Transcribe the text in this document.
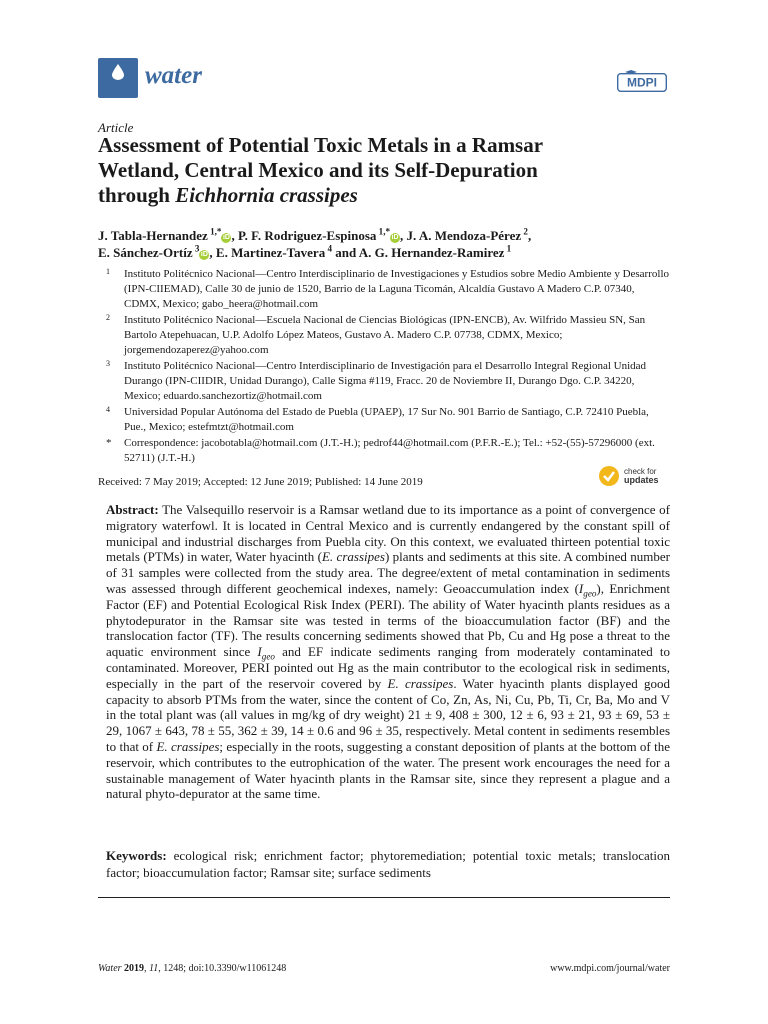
water	MDPI
Article
Assessment of Potential Toxic Metals in a Ramsar
Wetland, Central Mexico and its Self-Depuration
through Eichhornia crassipes
J. Tabla-Hernandez $^{1,*}$iD , P. F. Rodriguez-Espinosa $^{1,*}$iD , J. A. Mendoza-Pérez $^2$,
E. Sánchez-Ortíz $^3$iD , E. Martinez-Tavera $^4$ and A. G. Hernandez-Ramirez $^1$
1 Instituto Politécnico Nacional—Centro Interdisciplinario de Investigaciones y Estudios sobre Medio Ambiente y Desarrollo (IPN-CIIEMAD), Calle 30 de junio de 1520, Barrio de la Laguna Ticomán, Alcaldía Gustavo A Madero C.P. 07340, CDMX, Mexico; gabo_heera@hotmail.com
2 Instituto Politécnico Nacional—Escuela Nacional de Ciencias Biológicas (IPN-ENCB), Av. Wilfrido Massieu SN, San Bartolo Atepehuacan, U.P. Adolfo López Mateos, Gustavo A. Madero C.P. 07738, CDMX, Mexico; jorgemendozaperez@yahoo.com
3 Instituto Politécnico Nacional—Centro Interdisciplinario de Investigación para el Desarrollo Integral Regional Unidad Durango (IPN-CIIDIR, Unidad Durango), Calle Sigma #119, Fracc. 20 de Noviembre II, Durango Dgo. C.P. 34220, Mexico; eduardo.sanchezortiz@hotmail.com
4 Universidad Popular Autónoma del Estado de Puebla (UPAEP), 17 Sur No. 901 Barrio de Santiago, C.P. 72410 Puebla, Pue., Mexico; estefmtzt@hotmail.com
* Correspondence: jacobotabla@hotmail.com (J.T.-H.); pedrof44@hotmail.com (P.F.R.-E.); Tel.: +52-(55)-57296000 (ext. 52711) (J.T.-H.)
Received: 7 May 2019; Accepted: 12 June 2019; Published: 14 June 2019
check for
updates
Abstract: The Valsequillo reservoir is a Ramsar wetland due to its importance as a point of convergence of migratory waterfowl. It is located in Central Mexico and is currently endangered by the constant spill of municipal and industrial discharges from Puebla city. On this context, we evaluated thirteen potential toxic metals (PTMs) in water, Water hyacinth (E. crassipes) plants and sediments at this site. A combined number of 31 samples were collected from the study area. The degree/extent of metal contamination in sediments was assessed through different geochemical indexes, namely: Geoaccumulation index $(I_{geo})$, Enrichment Factor (EF) and Potential Ecological Risk Index (PERI). The ability of Water hyacinth plants residues as a phytodepurator in the Ramsar site was tested in terms of the bioaccumulation factor (BF) and the translocation factor (TF). The results concerning sediments showed that Pb, Cu and Hg pose a threat to the aquatic environment since $I_{geo}$ and EF indicate sediments ranging from moderately contaminated to contaminated. Moreover, PERI pointed out Hg as the main contributor to the ecological risk in sediments, especially in the part of the reservoir covered by E. crassipes. Water hyacinth plants displayed good capacity to absorb PTMs from the water, since the content of Co, Zn, As, Ni, Cu, Pb, Ti, Cr, Ba, Mo and V in the total plant was (all values in mg/kg of dry weight) 21 ± 9, 408 ± 300, 12 ± 6, 93 ± 21, 93 ± 69, 53 ± 29, 1067 ± 643, 78 ± 55, 362 ± 39, 14 ± 0.6 and 96 ± 35, respectively. Metal content in sediments resembles to that of E. crassipes; especially in the roots, suggesting a constant deposition of plants at the bottom of the reservoir, which contributes to the eutrophication of the water. The present work encourages the need for a sustainable management of Water hyacinth plants in the Ramsar site, since they represent a plague and a natural phyto-depurator at the same time.
Keywords: ecological risk; enrichment factor; phytoremediation; potential toxic metals; translocation factor; bioaccumulation factor; Ramsar site; surface sediments
Water 2019, 11, 1248; doi:10.3390/w11061248	www.mdpi.com/journal/water
